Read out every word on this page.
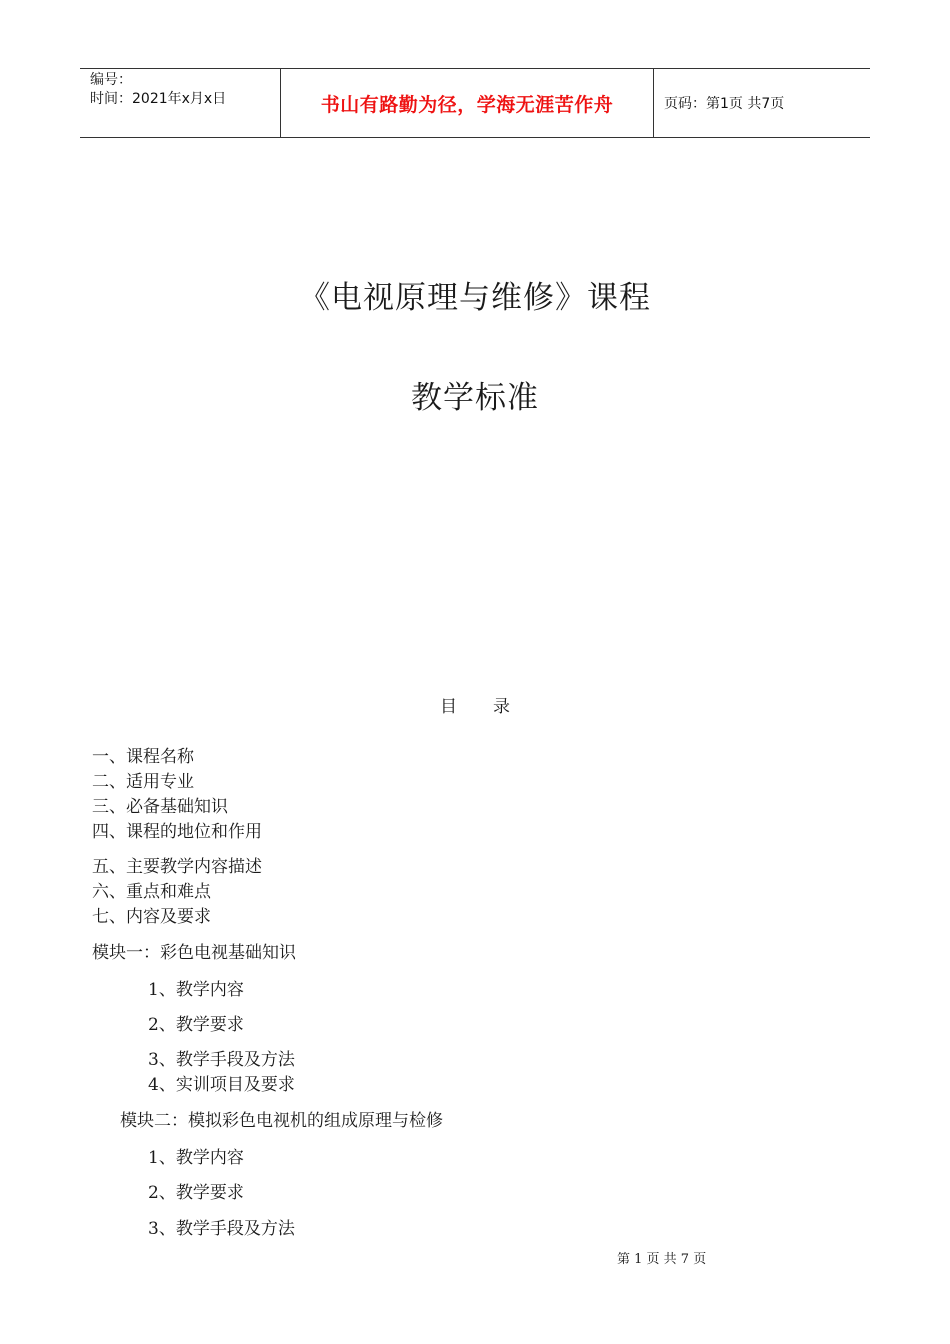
编号：
时间：2021年x月x日	书山有路勤为径，学海无涯苦作舟	页码：第1页 共7页
《电视原理与维修》课程
教学标准
目录
一、课程名称
二、适用专业
三、必备基础知识
四、课程的地位和作用
五、主要教学内容描述
六、重点和难点
七、内容及要求
模块一：彩色电视基础知识
1、教学内容
2、教学要求
3、教学手段及方法
4、实训项目及要求
模块二：模拟彩色电视机的组成原理与检修
1、教学内容
2、教学要求
3、教学手段及方法
第 1 页 共 7 页
